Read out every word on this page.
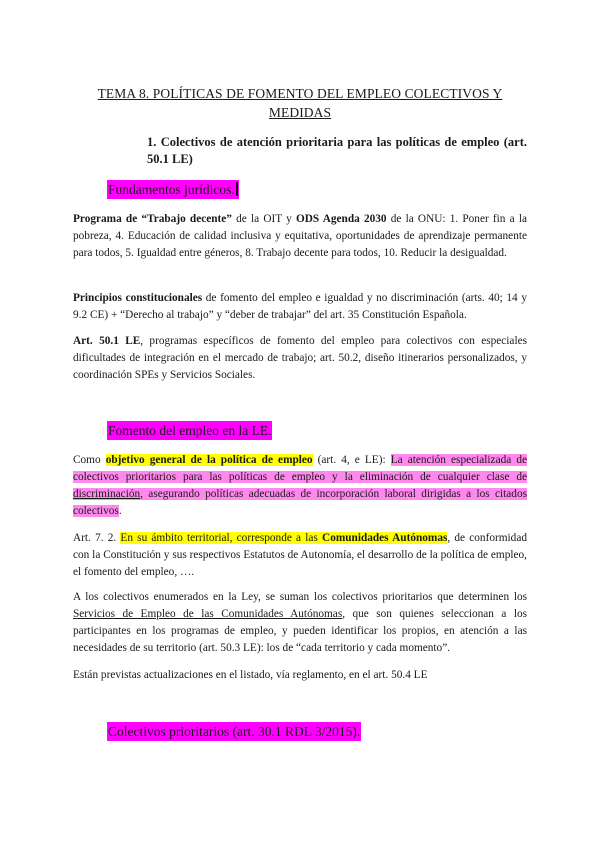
TEMA 8. POLÍTICAS DE FOMENTO DEL EMPLEO COLECTIVOS Y
MEDIDAS
1. Colectivos de atención prioritaria para las políticas de empleo (art. 50.1 LE)
Fundamentos jurídicos.
Programa de “Trabajo decente” de la OIT y ODS Agenda 2030 de la ONU: 1. Poner fin a la pobreza, 4. Educación de calidad inclusiva y equitativa, oportunidades de aprendizaje permanente para todos, 5. Igualdad entre géneros, 8. Trabajo decente para todos, 10. Reducir la desigualdad.
Principios constitucionales de fomento del empleo e igualdad y no discriminación (arts. 40; 14 y 9.2 CE) + “Derecho al trabajo” y “deber de trabajar” del art. 35 Constitución Española.
Art. 50.1 LE, programas específicos de fomento del empleo para colectivos con especiales dificultades de integración en el mercado de trabajo; art. 50.2, diseño itinerarios personalizados, y coordinación SPEs y Servicios Sociales.
Fomento del empleo en la LE.
Como objetivo general de la política de empleo (art. 4, e LE): La atención especializada de colectivos prioritarios para las políticas de empleo y la eliminación de cualquier clase de discriminación, asegurando políticas adecuadas de incorporación laboral dirigidas a los citados colectivos.
Art. 7. 2. En su ámbito territorial, corresponde a las Comunidades Autónomas, de conformidad con la Constitución y sus respectivos Estatutos de Autonomía, el desarrollo de la política de empleo, el fomento del empleo, ….
A los colectivos enumerados en la Ley, se suman los colectivos prioritarios que determinen los Servicios de Empleo de las Comunidades Autónomas, que son quienes seleccionan a los participantes en los programas de empleo, y pueden identificar los propios, en atención a las necesidades de su territorio (art. 50.3 LE): los de “cada territorio y cada momento”.
Están previstas actualizaciones en el listado, vía reglamento, en el art. 50.4 LE
Colectivos prioritarios (art. 30.1 RDL 3/2015).
